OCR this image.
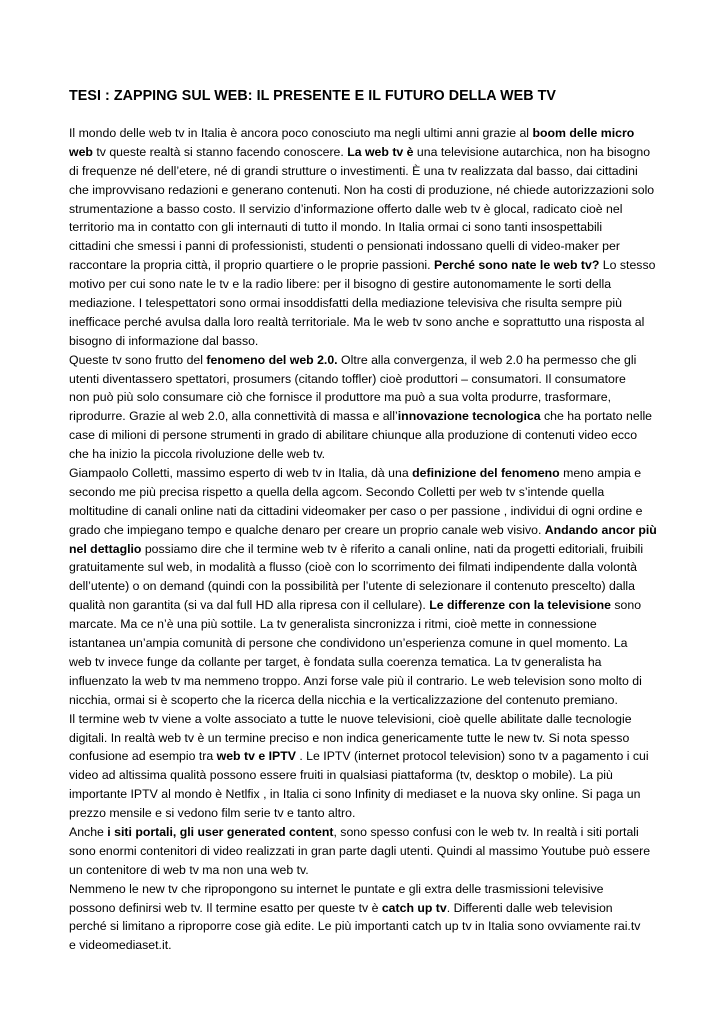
TESI : ZAPPING SUL WEB: IL PRESENTE E IL FUTURO DELLA WEB TV
Il mondo delle web tv in Italia è ancora poco conosciuto ma negli ultimi anni grazie al boom delle micro
web tv queste realtà si stanno facendo conoscere. La web tv è una televisione autarchica, non ha bisogno
di frequenze né dell’etere, né di grandi strutture o investimenti. È una tv realizzata dal basso, dai cittadini
che improvvisano redazioni e generano contenuti. Non ha costi di produzione, né chiede autorizzazioni solo
strumentazione a basso costo. Il servizio d’informazione offerto dalle web tv è glocal, radicato cioè nel
territorio ma in contatto con gli internauti di tutto il mondo. In Italia ormai ci sono tanti insospettabili
cittadini che smessi i panni di professionisti, studenti o pensionati indossano quelli di video-maker per
raccontare la propria città, il proprio quartiere o le proprie passioni. Perché sono nate le web tv? Lo stesso
motivo per cui sono nate le tv e la radio libere: per il bisogno di gestire autonomamente le sorti della
mediazione. I telespettatori sono ormai insoddisfatti della mediazione televisiva che risulta sempre più
inefficace perché avulsa dalla loro realtà territoriale. Ma le web tv sono anche e soprattutto una risposta al
bisogno di informazione dal basso.
Queste tv sono frutto del fenomeno del web 2.0. Oltre alla convergenza, il web 2.0 ha permesso che gli
utenti diventassero spettatori, prosumers (citando toffler) cioè produttori – consumatori. Il consumatore
non può più solo consumare ciò che fornisce il produttore ma può a sua volta produrre, trasformare,
riprodurre. Grazie al web 2.0, alla connettività di massa e all’innovazione tecnologica che ha portato nelle
case di milioni di persone strumenti in grado di abilitare chiunque alla produzione di contenuti video ecco
che ha inizio la piccola rivoluzione delle web tv.
Giampaolo Colletti, massimo esperto di web tv in Italia, dà una definizione del fenomeno meno ampia e
secondo me più precisa rispetto a quella della agcom. Secondo Colletti per web tv s’intende quella
moltitudine di canali online nati da cittadini videomaker per caso o per passione , individui di ogni ordine e
grado che impiegano tempo e qualche denaro per creare un proprio canale web visivo. Andando ancor più
nel dettaglio possiamo dire che il termine web tv è riferito a canali online, nati da progetti editoriali, fruibili
gratuitamente sul web, in modalità a flusso (cioè con lo scorrimento dei filmati indipendente dalla volontà
dell’utente) o on demand (quindi con la possibilità per l’utente di selezionare il contenuto prescelto) dalla
qualità non garantita (si va dal full HD alla ripresa con il cellulare). Le differenze con la televisione sono
marcate. Ma ce n’è una più sottile. La tv generalista sincronizza i ritmi, cioè mette in connessione
istantanea un’ampia comunità di persone che condividono un’esperienza comune in quel momento. La
web tv invece funge da collante per target, è fondata sulla coerenza tematica. La tv generalista ha
influenzato la web tv ma nemmeno troppo. Anzi forse vale più il contrario. Le web television sono molto di
nicchia, ormai si è scoperto che la ricerca della nicchia e la verticalizzazione del contenuto premiano.
Il termine web tv viene a volte associato a tutte le nuove televisioni, cioè quelle abilitate dalle tecnologie
digitali. In realtà web tv è un termine preciso e non indica genericamente tutte le new tv. Si nota spesso
confusione ad esempio tra web tv e IPTV . Le IPTV (internet protocol television) sono tv a pagamento i cui
video ad altissima qualità possono essere fruiti in qualsiasi piattaforma (tv, desktop o mobile). La più
importante IPTV al mondo è Netlfix , in Italia ci sono Infinity di mediaset e la nuova sky online. Si paga un
prezzo mensile e si vedono film serie tv e tanto altro.
Anche i siti portali, gli user generated content, sono spesso confusi con le web tv. In realtà i siti portali
sono enormi contenitori di video realizzati in gran parte dagli utenti. Quindi al massimo Youtube può essere
un contenitore di web tv ma non una web tv.
Nemmeno le new tv che ripropongono su internet le puntate e gli extra delle trasmissioni televisive
possono definirsi web tv. Il termine esatto per queste tv è catch up tv. Differenti dalle web television
perché si limitano a riproporre cose già edite. Le più importanti catch up tv in Italia sono ovviamente rai.tv
e videomediaset.it.
